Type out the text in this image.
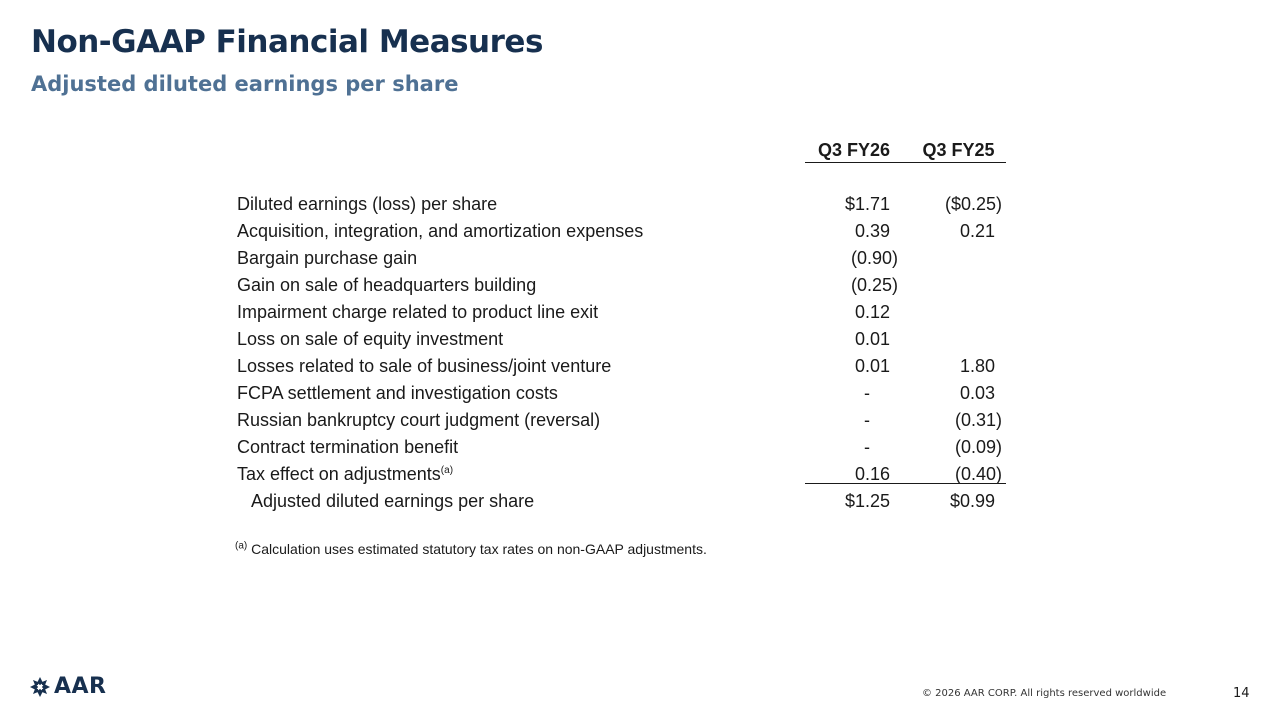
Non-GAAP Financial Measures
Adjusted diluted earnings per share
Q3 FY26	Q3 FY25
Diluted earnings (loss) per share	$1.71	($0.25)
Acquisition, integration, and amortization expenses	0.39	0.21
Bargain purchase gain	(0.90)
Gain on sale of headquarters building	(0.25)
Impairment charge related to product line exit	0.12
Loss on sale of equity investment	0.01
Losses related to sale of business/joint venture	0.01	1.80
FCPA settlement and investigation costs	-	0.03
Russian bankruptcy court judgment (reversal)	-	(0.31)
Contract termination benefit	-	(0.09)
Tax effect on adjustments$^{(a)}$	0.16	(0.40)
Adjusted diluted earnings per share	$1.25	$0.99
$^{(a)}$ Calculation uses estimated statutory tax rates on non-GAAP adjustments.
AAR	© 2026 AAR CORP. All rights reserved worldwide	14
